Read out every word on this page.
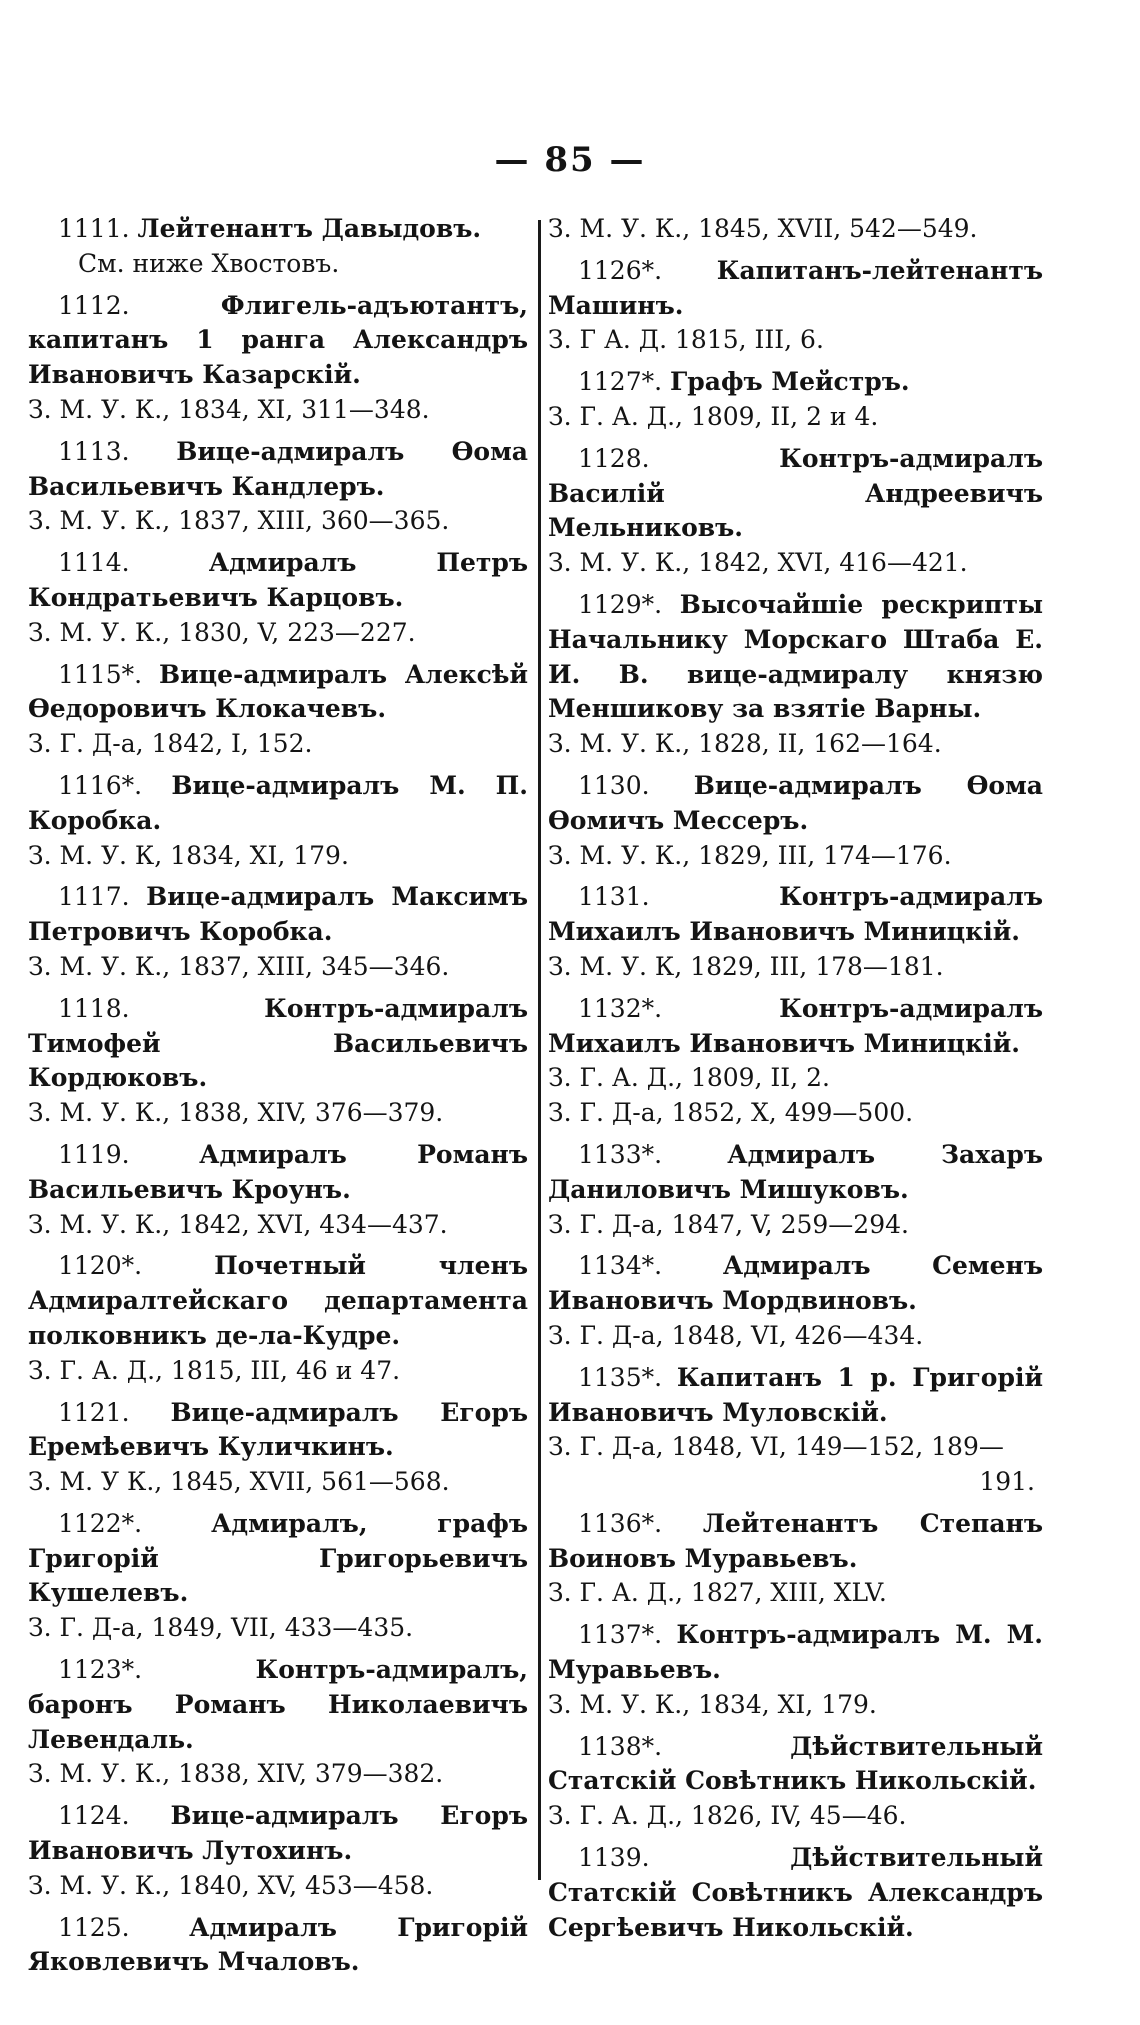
— 85 —
1111. Лейтенантъ Давыдовъ.
См. ниже Хвостовъ.
1112.	Флигель-адъютантъ, капитанъ 1 ранга Александръ Ивановичъ Казарскій.
З. М. У. К., 1834, XI, 311—348.
1113. Вице-адмиралъ Ѳома Васильевичъ Кандлеръ.
З. М. У. К., 1837, XIII, 360—365.
1114.	Адмиралъ Петръ Кондратьевичъ Карцовъ.
З. М. У. К., 1830, V, 223—227.
1115*. Вице-адмиралъ Алексѣй Ѳедоровичъ Клокачевъ.
З. Г. Д-а, 1842, I, 152.
1116*. Вице-адмиралъ М. П. Коробка.
З. М. У. К, 1834, XI, 179.
1117. Вице-адмиралъ Максимъ Петровичъ Коробка.
З. М. У. К., 1837, XIII, 345—346.
1118.	Контръ-адмиралъ Тимофей Васильевичъ Кордюковъ.
З. М. У. К., 1838, XIV, 376—379.
1119.	Адмиралъ Романъ Васильевичъ Кроунъ.
З. М. У. К., 1842, XVI, 434—437.
1120*.	Почетный членъ Адмиралтейскаго департамента полковникъ де-ла-Кудре.
З. Г. А. Д., 1815, III, 46 и 47.
1121. Вице-адмиралъ Егоръ Еремѣевичъ Куличкинъ.
З. М. У К., 1845, XVII, 561—568.
1122*.	Адмиралъ, графъ Григорій Григорьевичъ Кушелевъ.
З. Г. Д-а, 1849, VII, 433—435.
1123*.	Контръ-адмиралъ, баронъ Романъ Николаевичъ Левендаль.
З. М. У. К., 1838, XIV, 379—382.
1124. Вице-адмиралъ Егоръ Ивановичъ Лутохинъ.
З. М. У. К., 1840, XV, 453—458.
1125. Адмиралъ Григорій Яковлевичъ Мчаловъ.
З. М. У. К., 1845, XVII, 542—549.
1126*. Капитанъ-лейтенантъ Машинъ.
З. Г А. Д. 1815, III, 6.
1127*. Графъ Мейстръ.
З. Г. А. Д., 1809, II, 2 и 4.
1128.	Контръ-адмиралъ Василій Андреевичъ Мельниковъ.
З. М. У. К., 1842, XVI, 416—421.
1129*. Высочайшіе рескрипты Начальнику Морскаго Штаба Е. И. В. вице-адмиралу князю Меншикову за взятіе Варны.
З. М. У. К., 1828, II, 162—164.
1130. Вице-адмиралъ Ѳома Ѳомичъ Мессеръ.
З. М. У. К., 1829, III, 174—176.
1131.	Контръ-адмиралъ Михаилъ Ивановичъ Миницкій.
З. М. У. К, 1829, III, 178—181.
1132*.	Контръ-адмиралъ Михаилъ Ивановичъ Миницкій.
З. Г. А. Д., 1809, II, 2.
З. Г. Д-а, 1852, X, 499—500.
1133*.	Адмиралъ Захаръ Даниловичъ Мишуковъ.
З. Г. Д-а, 1847, V, 259—294.
1134*. Адмиралъ Семенъ Ивановичъ Мордвиновъ.
З. Г. Д-а, 1848, VI, 426—434.
1135*. Капитанъ 1 р. Григорій Ивановичъ Муловскій.
З. Г. Д-а, 1848, VI, 149—152, 189—
191.
1136*. Лейтенантъ Степанъ Воиновъ Муравьевъ.
З. Г. А. Д., 1827, XIII, XLV.
1137*. Контръ-адмиралъ М. М. Муравьевъ.
З. М. У. К., 1834, XI, 179.
1138*.	Дѣйствительный Статскій Совѣтникъ Никольскій.
З. Г. А. Д., 1826, IV, 45—46.
1139.	Дѣйствительный Статскій Совѣтникъ Александръ Сергѣевичъ Никольскій.
